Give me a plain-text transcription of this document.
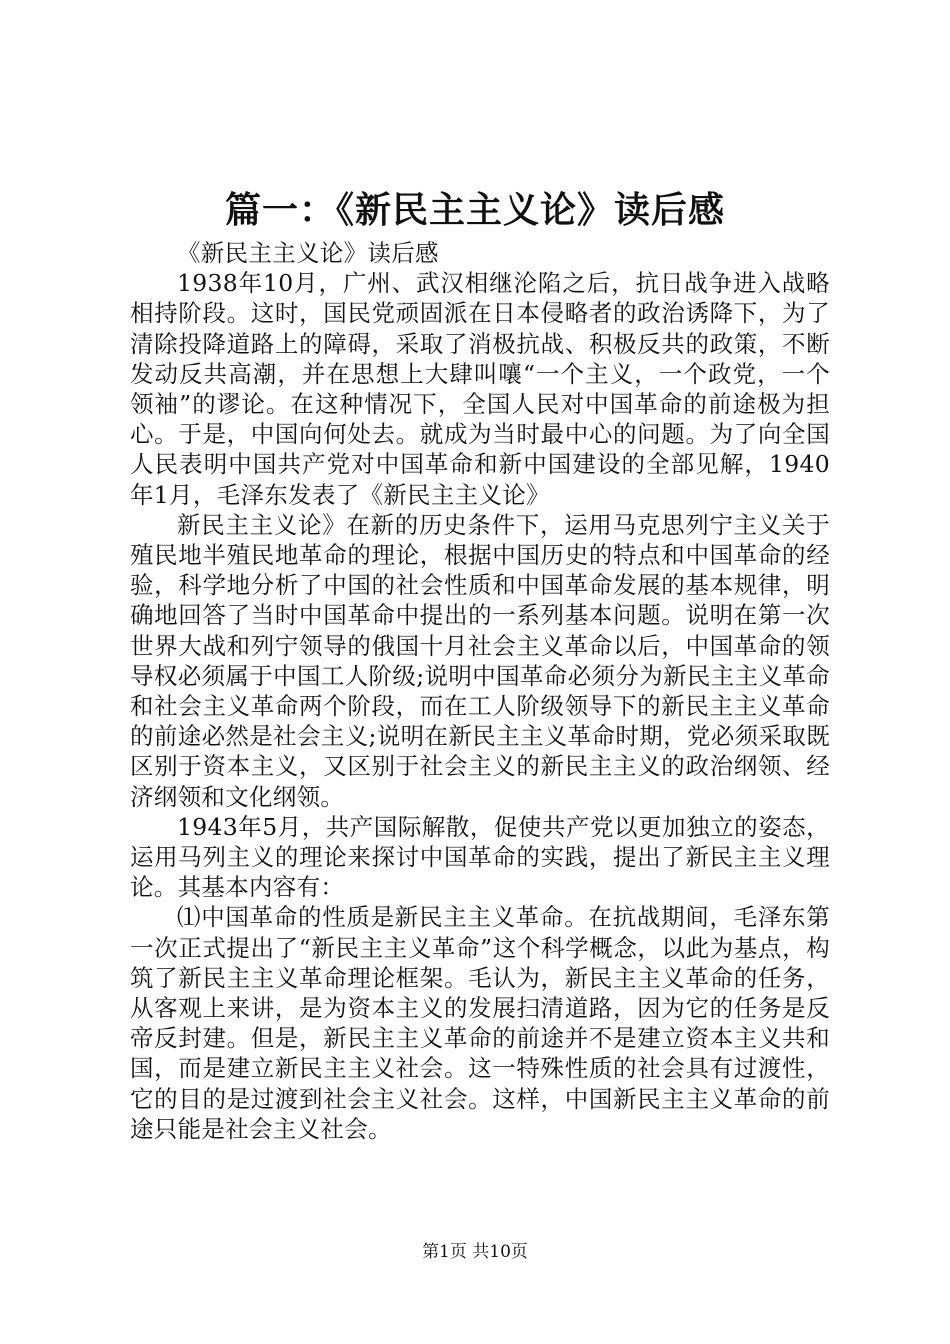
篇一：《新民主主义论》读后感

《新民主主义论》读后感

1938年10月，广州、武汉相继沦陷之后，抗日战争进入战略相持阶段。这时，国民党顽固派在日本侵略者的政治诱降下，为了清除投降道路上的障碍，采取了消极抗战、积极反共的政策，不断发动反共高潮，并在思想上大肆叫嚷“一个主义，一个政党，一个领袖”的谬论。在这种情况下，全国人民对中国革命的前途极为担心。于是，中国向何处去。就成为当时最中心的问题。为了向全国人民表明中国共产党对中国革命和新中国建设的全部见解，1940年1月，毛泽东发表了《新民主主义论》

新民主主义论》在新的历史条件下，运用马克思列宁主义关于殖民地半殖民地革命的理论，根据中国历史的特点和中国革命的经验，科学地分析了中国的社会性质和中国革命发展的基本规律，明确地回答了当时中国革命中提出的一系列基本问题。说明在第一次世界大战和列宁领导的俄国十月社会主义革命以后，中国革命的领导权必须属于中国工人阶级;说明中国革命必须分为新民主主义革命和社会主义革命两个阶段，而在工人阶级领导下的新民主主义革命的前途必然是社会主义;说明在新民主主义革命时期，党必须采取既区别于资本主义，又区别于社会主义的新民主主义的政治纲领、经济纲领和文化纲领。

1943年5月，共产国际解散，促使共产党以更加独立的姿态，运用马列主义的理论来探讨中国革命的实践，提出了新民主主义理论。其基本内容有：

⑴中国革命的性质是新民主主义革命。在抗战期间，毛泽东第一次正式提出了“新民主主义革命”这个科学概念，以此为基点，构筑了新民主主义革命理论框架。毛认为，新民主主义革命的任务，从客观上来讲，是为资本主义的发展扫清道路，因为它的任务是反帝反封建。但是，新民主主义革命的前途并不是建立资本主义共和国，而是建立新民主主义社会。这一特殊性质的社会具有过渡性，它的目的是过渡到社会主义社会。这样，中国新民主主义革命的前途只能是社会主义社会。

第1页 共10页
